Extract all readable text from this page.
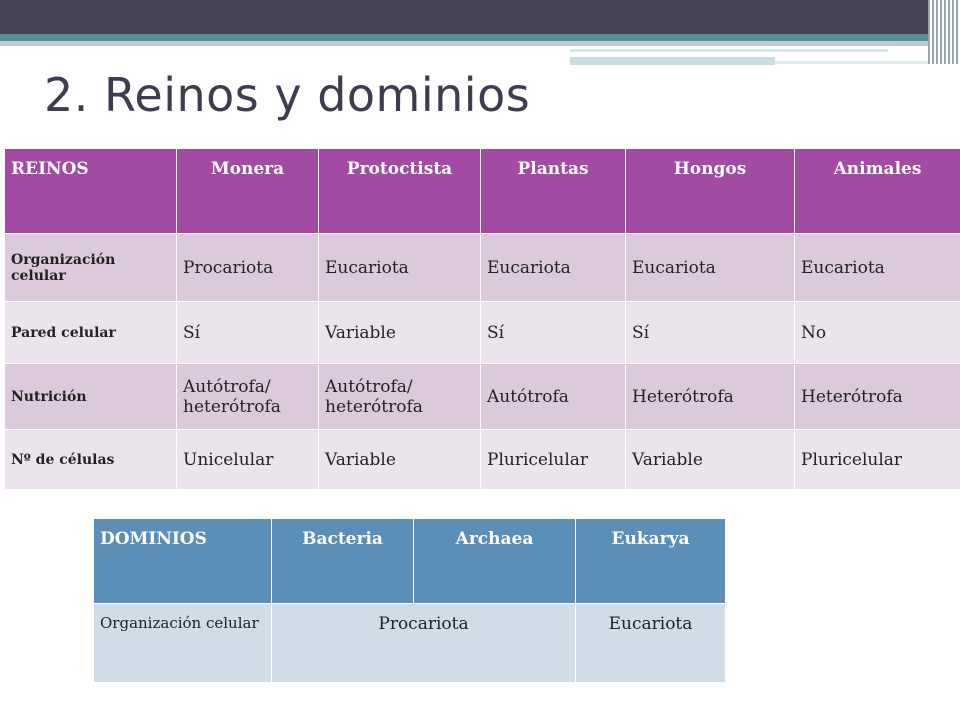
2. Reinos y dominios
REINOS	Monera	Protoctista	Plantas	Hongos	Animales
Organización celular	Procariota	Eucariota	Eucariota	Eucariota	Eucariota
Pared celular	Sí	Variable	Sí	Sí	No
Nutrición	Autótrofa/ heterótrofa	Autótrofa/ heterótrofa	Autótrofa	Heterótrofa	Heterótrofa
Nº de células	Unicelular	Variable	Pluricelular	Variable	Pluricelular
DOMINIOS	Bacteria	Archaea	Eukarya
Organización celular	Procariota		Eucariota
